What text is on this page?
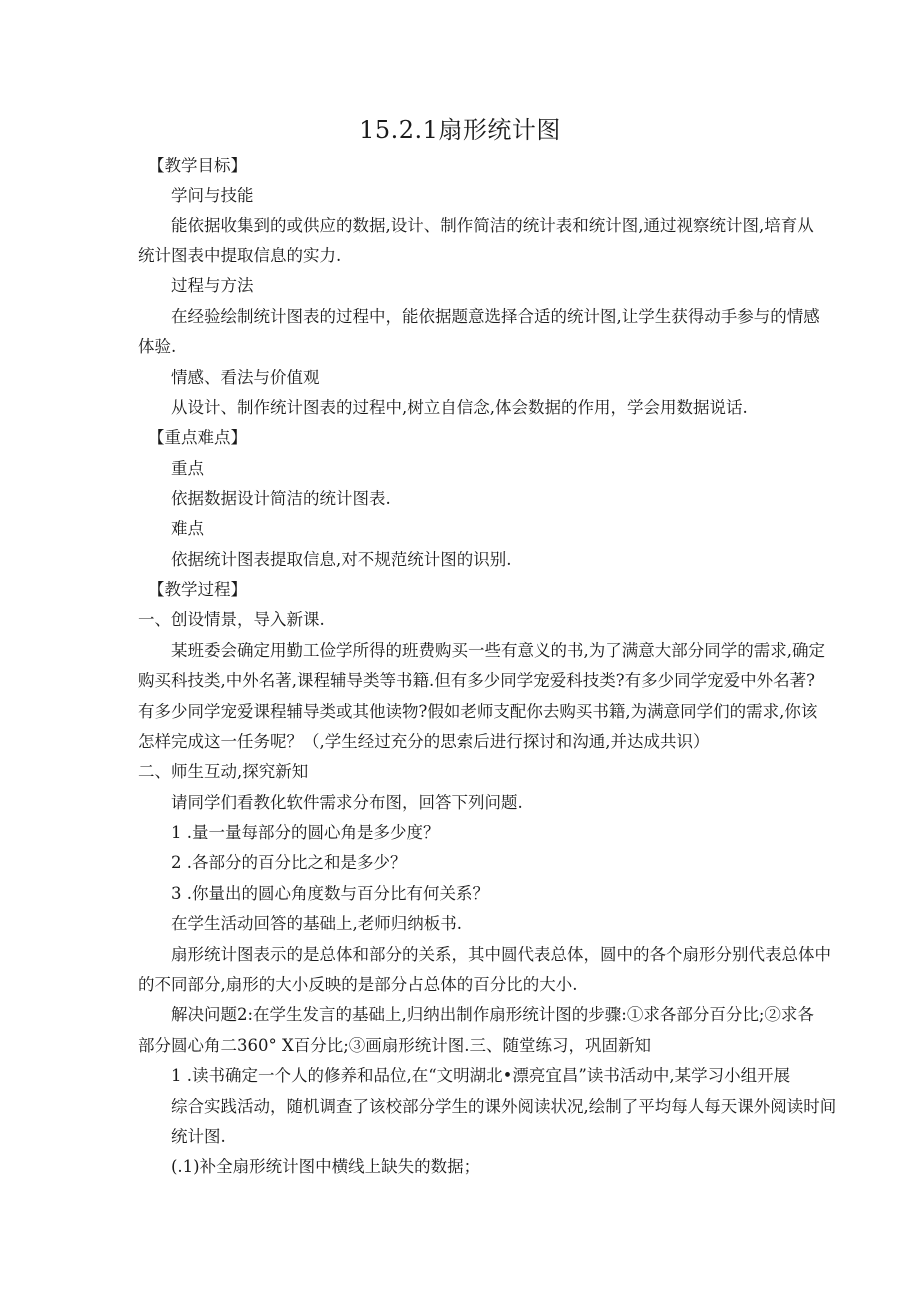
15.2.1扇形统计图
【教学目标】
学问与技能
能依据收集到的或供应的数据,设计、制作简洁的统计表和统计图,通过视察统计图,培育从
统计图表中提取信息的实力.
过程与方法
在经验绘制统计图表的过程中，能依据题意选择合适的统计图,让学生获得动手参与的情感
体验.
情感、看法与价值观
从设计、制作统计图表的过程中,树立自信念,体会数据的作用，学会用数据说话.
【重点难点】
重点
依据数据设计简洁的统计图表.
难点
依据统计图表提取信息,对不规范统计图的识别.
【教学过程】
一、创设情景，导入新课.
某班委会确定用勤工俭学所得的班费购买一些有意义的书,为了满意大部分同学的需求,确定
购买科技类,中外名著,课程辅导类等书籍.但有多少同学宠爱科技类?有多少同学宠爱中外名著?
有多少同学宠爱课程辅导类或其他读物?假如老师支配你去购买书籍,为满意同学们的需求,你该
怎样完成这一任务呢？（,学生经过充分的思索后进行探讨和沟通,并达成共识）
二、师生互动,探究新知
请同学们看教化软件需求分布图，回答下列问题.
1 .量一量每部分的圆心角是多少度？
2 .各部分的百分比之和是多少？
3 .你量出的圆心角度数与百分比有何关系？
在学生活动回答的基础上,老师归纳板书.
扇形统计图表示的是总体和部分的关系，其中圆代表总体，圆中的各个扇形分别代表总体中
的不同部分,扇形的大小反映的是部分占总体的百分比的大小.
解决问题2:在学生发言的基础上,归纳出制作扇形统计图的步骤:①求各部分百分比;②求各
部分圆心角二360° X百分比;③画扇形统计图.三、随堂练习，巩固新知
1 .读书确定一个人的修养和品位,在“文明湖北•漂亮宜昌”读书活动中,某学习小组开展
综合实践活动，随机调查了该校部分学生的课外阅读状况,绘制了平均每人每天课外阅读时间
统计图.
(.1)补全扇形统计图中横线上缺失的数据；
